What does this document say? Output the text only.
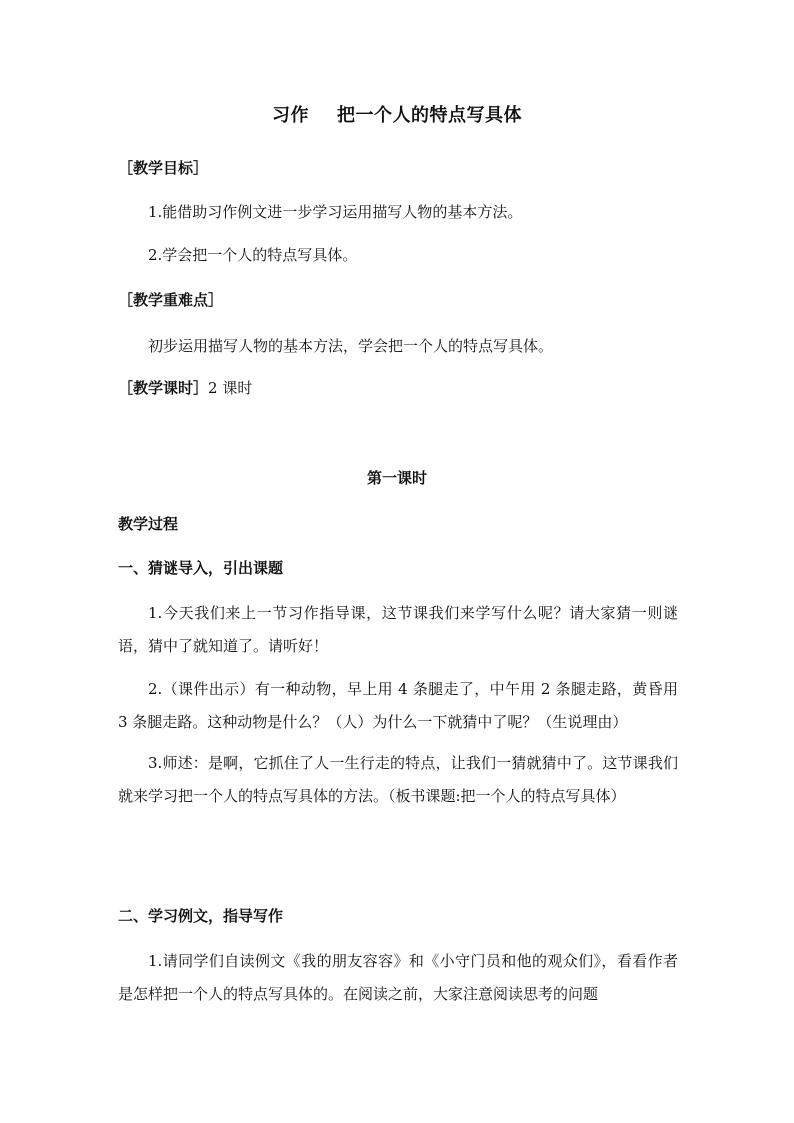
习作 把一个人的特点写具体
［教学目标］
1.能借助习作例文进一步学习运用描写人物的基本方法。
2.学会把一个人的特点写具体。
［教学重难点］
初步运用描写人物的基本方法，学会把一个人的特点写具体。
［教学课时］2 课时
第一课时
教学过程
一、猜谜导入，引出课题
1.今天我们来上一节习作指导课，这节课我们来学写什么呢？请大家猜一则谜语，猜中了就知道了。请听好！
2.（课件出示）有一种动物，早上用 4 条腿走了，中午用 2 条腿走路，黄昏用 3 条腿走路。这种动物是什么？（人）为什么一下就猜中了呢？（生说理由）
3.师述：是啊，它抓住了人一生行走的特点，让我们一猜就猜中了。这节课我们就来学习把一个人的特点写具体的方法。（板书课题:把一个人的特点写具体）
二、学习例文，指导写作
1.请同学们自读例文《我的朋友容容》和《小守门员和他的观众们》，看看作者是怎样把一个人的特点写具体的。在阅读之前，大家注意阅读思考的问题
